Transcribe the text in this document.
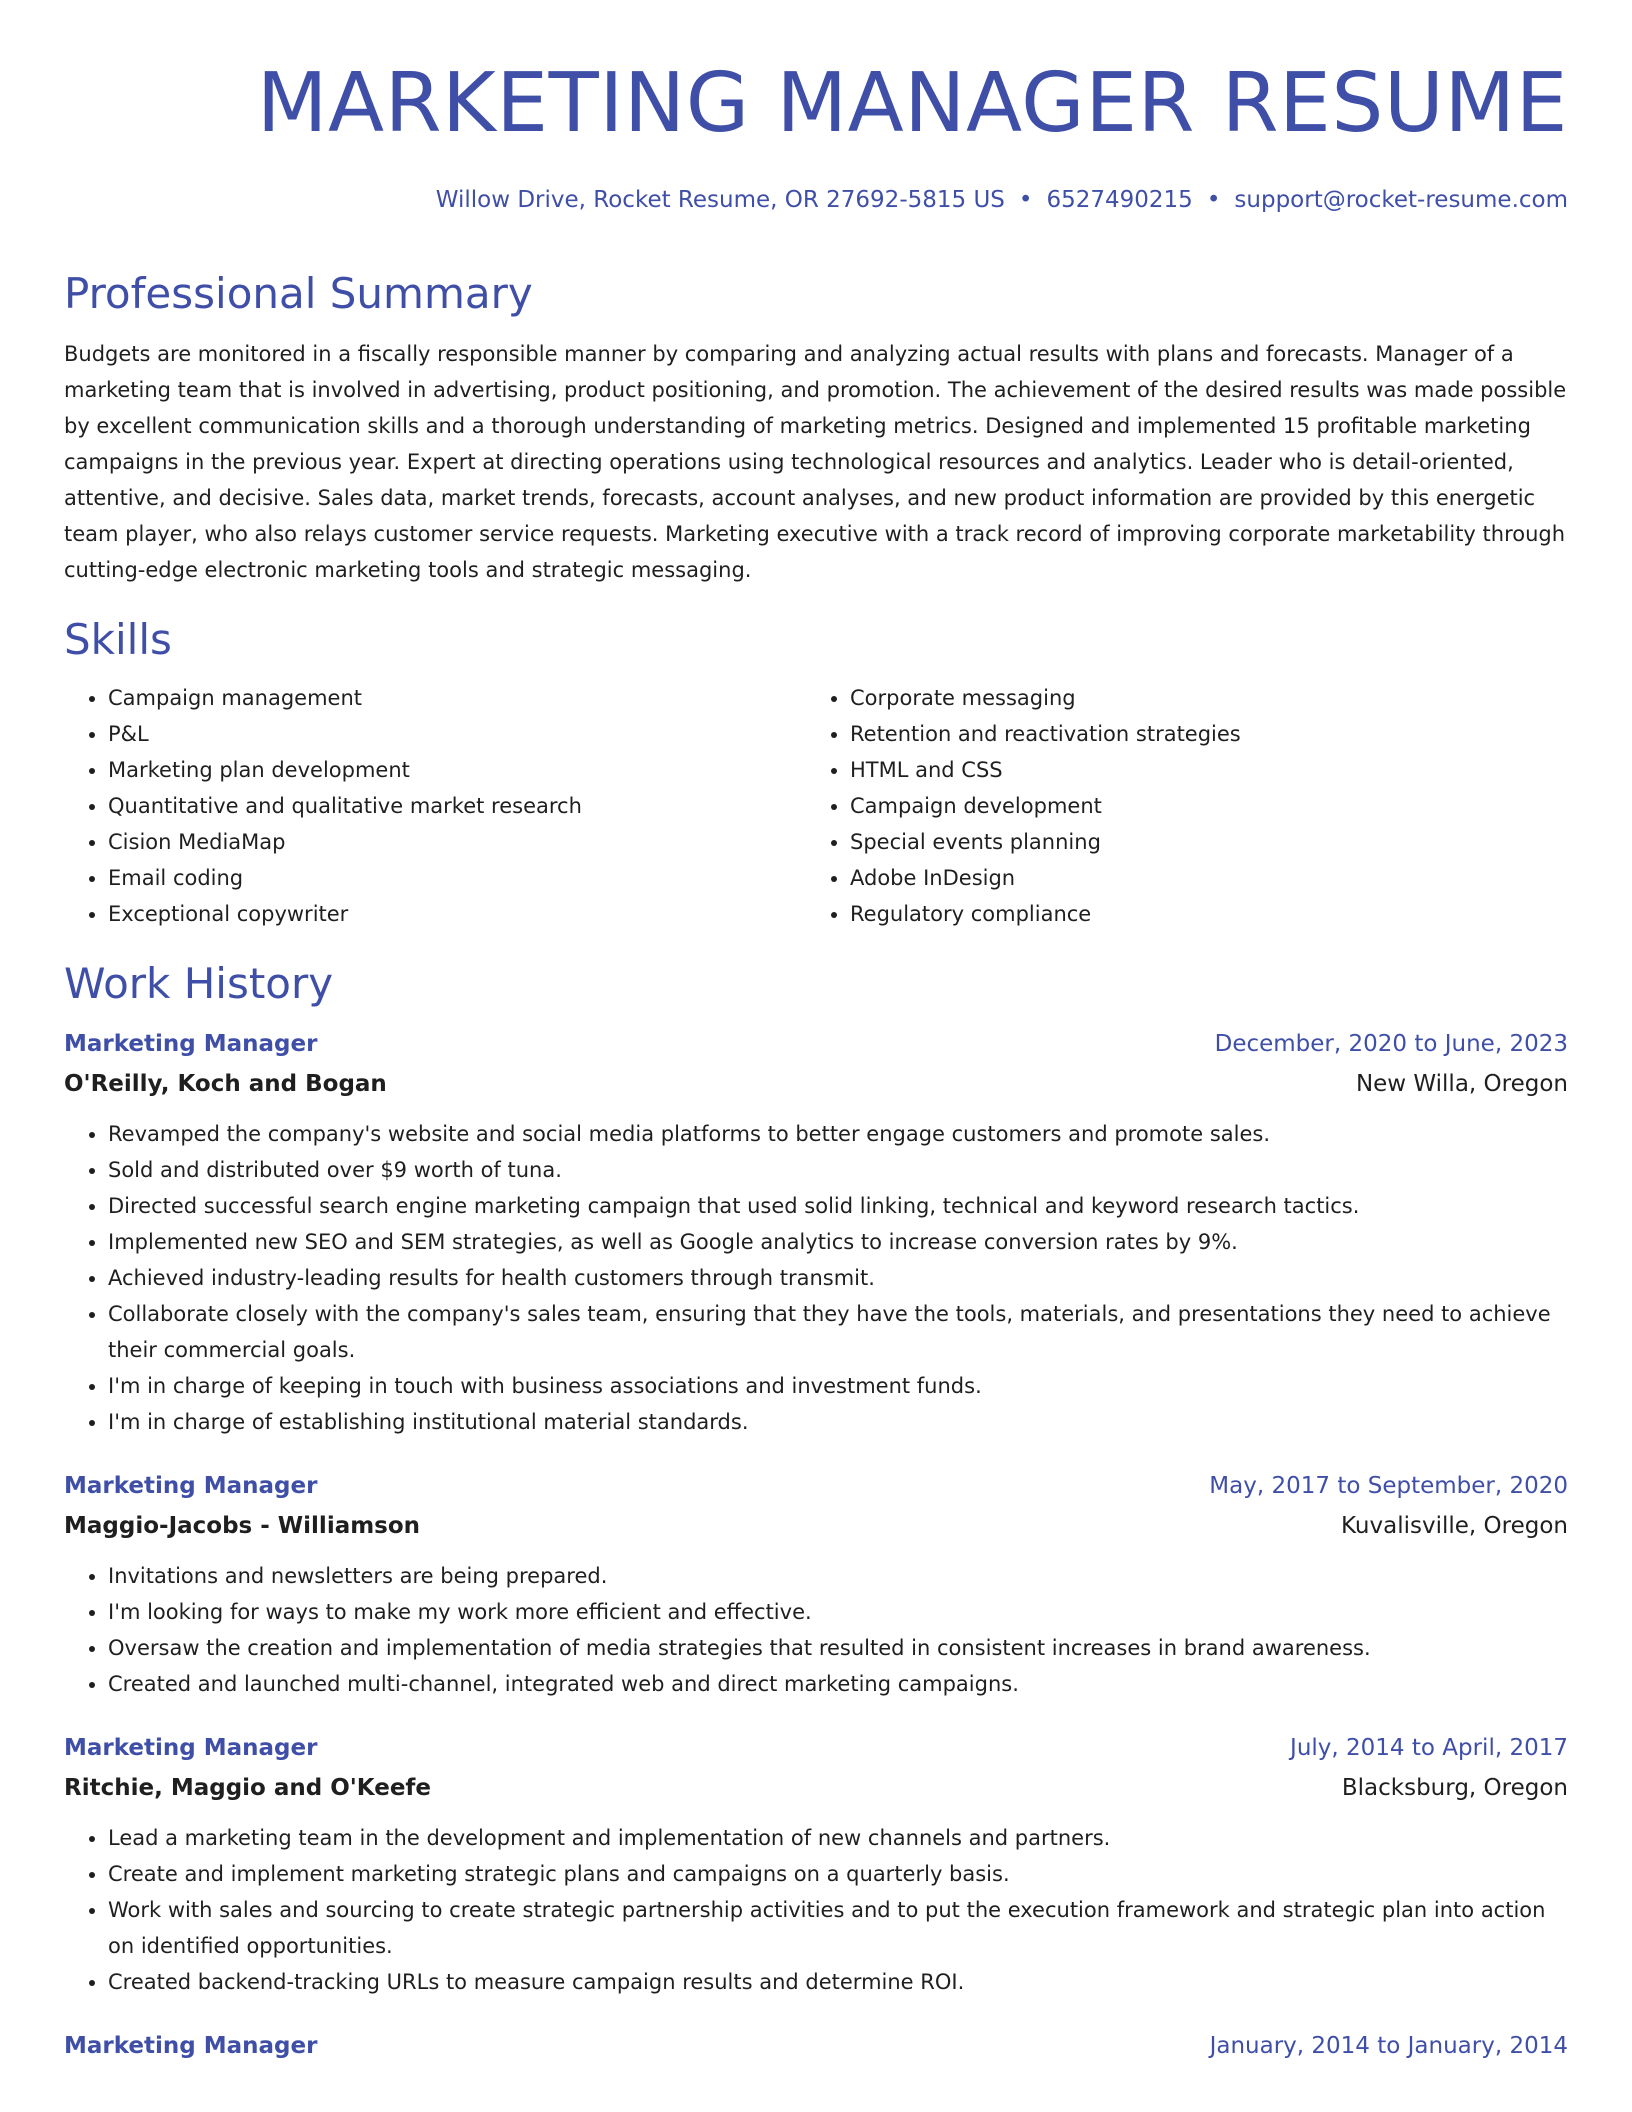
MARKETING MANAGER RESUME
Willow Drive, Rocket Resume, OR 27692-5815 US • 6527490215 • support@rocket-resume.com
Professional Summary
Budgets are monitored in a fiscally responsible manner by comparing and analyzing actual results with plans and forecasts. Manager of a marketing team that is involved in advertising, product positioning, and promotion. The achievement of the desired results was made possible by excellent communication skills and a thorough understanding of marketing metrics. Designed and implemented 15 profitable marketing campaigns in the previous year. Expert at directing operations using technological resources and analytics. Leader who is detail-oriented, attentive, and decisive. Sales data, market trends, forecasts, account analyses, and new product information are provided by this energetic team player, who also relays customer service requests. Marketing executive with a track record of improving corporate marketability through cutting-edge electronic marketing tools and strategic messaging.
Skills
• Campaign management
• P&L
• Marketing plan development
• Quantitative and qualitative market research
• Cision MediaMap
• Email coding
• Exceptional copywriter
• Corporate messaging
• Retention and reactivation strategies
• HTML and CSS
• Campaign development
• Special events planning
• Adobe InDesign
• Regulatory compliance
Work History
Marketing Manager	December, 2020 to June, 2023
O'Reilly, Koch and Bogan	New Willa, Oregon
• Revamped the company's website and social media platforms to better engage customers and promote sales.
• Sold and distributed over $9 worth of tuna.
• Directed successful search engine marketing campaign that used solid linking, technical and keyword research tactics.
• Implemented new SEO and SEM strategies, as well as Google analytics to increase conversion rates by 9%.
• Achieved industry-leading results for health customers through transmit.
• Collaborate closely with the company's sales team, ensuring that they have the tools, materials, and presentations they need to achieve their commercial goals.
• I'm in charge of keeping in touch with business associations and investment funds.
• I'm in charge of establishing institutional material standards.
Marketing Manager	May, 2017 to September, 2020
Maggio-Jacobs - Williamson	Kuvalisville, Oregon
• Invitations and newsletters are being prepared.
• I'm looking for ways to make my work more efficient and effective.
• Oversaw the creation and implementation of media strategies that resulted in consistent increases in brand awareness.
• Created and launched multi-channel, integrated web and direct marketing campaigns.
Marketing Manager	July, 2014 to April, 2017
Ritchie, Maggio and O'Keefe	Blacksburg, Oregon
• Lead a marketing team in the development and implementation of new channels and partners.
• Create and implement marketing strategic plans and campaigns on a quarterly basis.
• Work with sales and sourcing to create strategic partnership activities and to put the execution framework and strategic plan into action on identified opportunities.
• Created backend-tracking URLs to measure campaign results and determine ROI.
Marketing Manager	January, 2014 to January, 2014
